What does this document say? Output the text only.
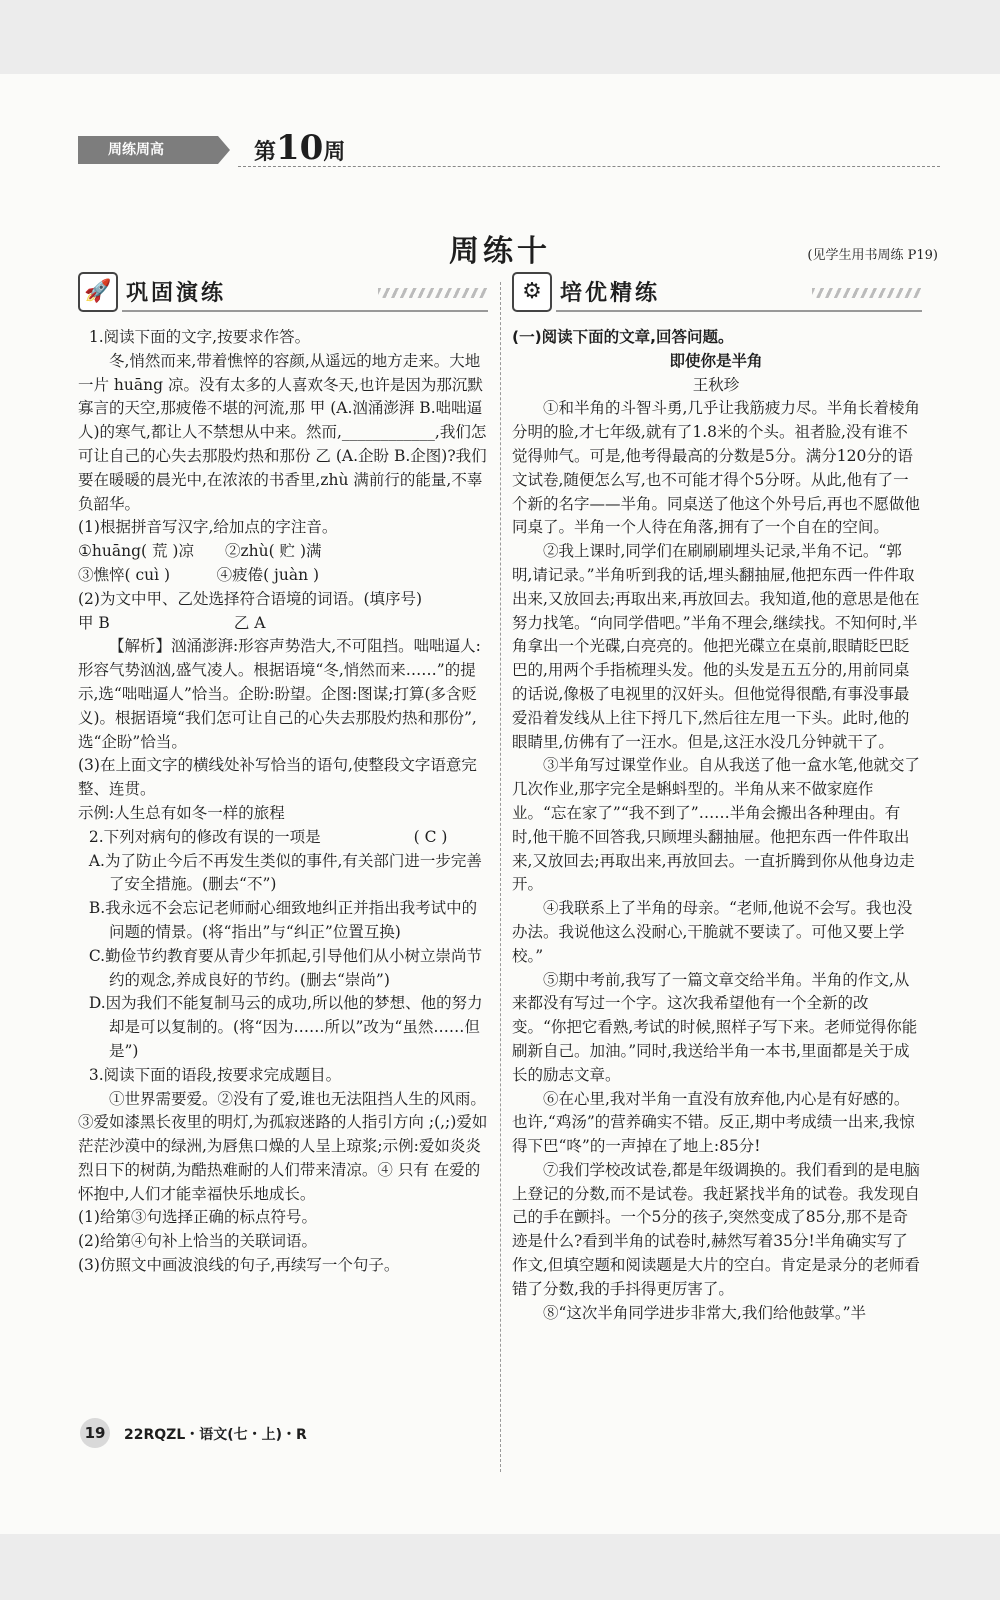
周练周高	第10周
周练十	(见学生用书周练 P19)
🚀 巩固演练	⚙ 培优精练

1.阅读下面的文字,按要求作答。

冬,悄然而来,带着憔悴的容颜,从遥远的地方走来。大地一片 huāng 凉。没有太多的人喜欢冬天,也许是因为那沉默寡言的天空,那疲倦不堪的河流,那 甲 (A.汹涌澎湃 B.咄咄逼人)的寒气,都让人不禁想从中来。然而,____________,我们怎可让自己的心失去那股灼热和那份 乙 (A.企盼 B.企图)?我们要在暖暖的晨光中,在浓浓的书香里,zhù 满前行的能量,不辜负韶华。

(1)根据拼音写汉字,给加点的字注音。

①huāng( 荒 )凉　　②zhù( 贮 )满

③憔悴( cuì )　　　④疲倦( juàn )

(2)为文中甲、乙处选择符合语境的词语。(填序号)

甲 B　　　　　　　　乙 A

【解析】汹涌澎湃:形容声势浩大,不可阻挡。咄咄逼人:形容气势汹汹,盛气凌人。根据语境“冬,悄然而来……”的提示,选“咄咄逼人”恰当。企盼:盼望。企图:图谋;打算(多含贬义)。根据语境“我们怎可让自己的心失去那股灼热和那份”,选“企盼”恰当。

(3)在上面文字的横线处补写恰当的语句,使整段文字语意完整、连贯。

示例:人生总有如冬一样的旅程

2.下列对病句的修改有误的一项是　　　　　　( C )

A.为了防止今后不再发生类似的事件,有关部门进一步完善了安全措施。(删去“不”)

B.我永远不会忘记老师耐心细致地纠正并指出我考试中的问题的情景。(将“指出”与“纠正”位置互换)

C.勤俭节约教育要从青少年抓起,引导他们从小树立崇尚节约的观念,养成良好的节约。(删去“崇尚”)

D.因为我们不能复制马云的成功,所以他的梦想、他的努力却是可以复制的。(将“因为……所以”改为“虽然……但是”)

3.阅读下面的语段,按要求完成题目。

①世界需要爱。②没有了爱,谁也无法阻挡人生的风雨。③爱如漆黑长夜里的明灯,为孤寂迷路的人指引方向 ;(,;)爱如茫茫沙漠中的绿洲,为唇焦口燥的人呈上琼浆;示例:爱如炎炎烈日下的树荫,为酷热难耐的人们带来清凉。④ 只有 在爱的怀抱中,人们才能幸福快乐地成长。

(1)给第③句选择正确的标点符号。

(2)给第④句补上恰当的关联词语。

(3)仿照文中画波浪线的句子,再续写一个句子。

(一)阅读下面的文章,回答问题。

即使你是半角

王秋珍

①和半角的斗智斗勇,几乎让我筋疲力尽。半角长着棱角分明的脸,才七年级,就有了1.8米的个头。祖者脸,没有谁不觉得帅气。可是,他考得最高的分数是5分。满分120分的语文试卷,随便怎么写,也不可能才得个5分呀。从此,他有了一个新的名字——半角。同桌送了他这个外号后,再也不愿做他同桌了。半角一个人待在角落,拥有了一个自在的空间。

②我上课时,同学们在刷刷刷埋头记录,半角不记。“郭明,请记录。”半角听到我的话,埋头翻抽屉,他把东西一件件取出来,又放回去;再取出来,再放回去。我知道,他的意思是他在努力找笔。“向同学借吧。”半角不理会,继续找。不知何时,半角拿出一个光碟,白亮亮的。他把光碟立在桌前,眼睛眨巴眨巴的,用两个手指梳理头发。他的头发是五五分的,用前同桌的话说,像极了电视里的汉奸头。但他觉得很酷,有事没事最爱沿着发线从上往下捋几下,然后往左甩一下头。此时,他的眼睛里,仿佛有了一汪水。但是,这汪水没几分钟就干了。

③半角写过课堂作业。自从我送了他一盒水笔,他就交了几次作业,那字完全是蝌蚪型的。半角从来不做家庭作业。“忘在家了”“我不到了”……半角会搬出各种理由。有时,他干脆不回答我,只顾埋头翻抽屉。他把东西一件件取出来,又放回去;再取出来,再放回去。一直折腾到你从他身边走开。

④我联系上了半角的母亲。“老师,他说不会写。我也没办法。我说他这么没耐心,干脆就不要读了。可他又要上学校。”

⑤期中考前,我写了一篇文章交给半角。半角的作文,从来都没有写过一个字。这次我希望他有一个全新的改变。“你把它看熟,考试的时候,照样子写下来。老师觉得你能刷新自己。加油。”同时,我送给半角一本书,里面都是关于成长的励志文章。

⑥在心里,我对半角一直没有放弃他,内心是有好感的。也许,“鸡汤”的营养确实不错。反正,期中考成绩一出来,我惊得下巴“咚”的一声掉在了地上:85分!

⑦我们学校改试卷,都是年级调换的。我们看到的是电脑上登记的分数,而不是试卷。我赶紧找半角的试卷。我发现自己的手在颤抖。一个5分的孩子,突然变成了85分,那不是奇迹是什么?看到半角的试卷时,赫然写着35分!半角确实写了作文,但填空题和阅读题是大片的空白。肯定是录分的老师看错了分数,我的手抖得更厉害了。

⑧“这次半角同学进步非常大,我们给他鼓掌。”半

19	22RQZL・语文(七・上)・R
